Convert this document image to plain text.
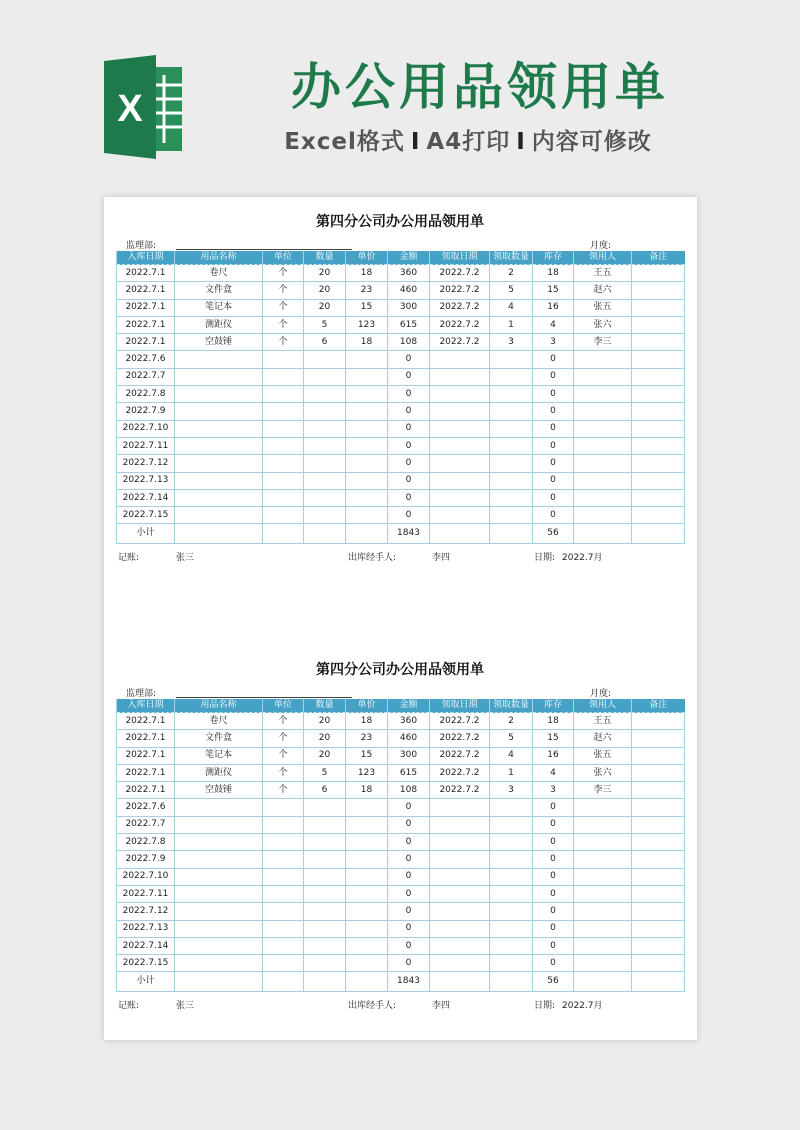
X	办公用品领用单
Excel格式 I A4打印 I 内容可修改
第四分公司办公用品领用单
监理部:	月度:
入库日期	用品名称	单位	数量	单价	金额	领取日期	领取数量	库存	领用人	备注
2022.7.1	卷尺	个	20	18	360	2022.7.2	2	18	王五	
2022.7.1	文件盒	个	20	23	460	2022.7.2	5	15	赵六	
2022.7.1	笔记本	个	20	15	300	2022.7.2	4	16	张五	
2022.7.1	测距仪	个	5	123	615	2022.7.2	1	4	张六	
2022.7.1	空鼓锤	个	6	18	108	2022.7.2	3	3	李三	
2022.7.6					0			0		
2022.7.7					0			0		
2022.7.8					0			0		
2022.7.9					0			0		
2022.7.10					0			0		
2022.7.11					0			0		
2022.7.12					0			0		
2022.7.13					0			0		
2022.7.14					0			0		
2022.7.15					0			0		
小计					1843			56		
记账:	张三	出库经手人:	李四	日期: 2022.7月
第四分公司办公用品领用单
监理部:	月度:
入库日期	用品名称	单位	数量	单价	金额	领取日期	领取数量	库存	领用人	备注
2022.7.1	卷尺	个	20	18	360	2022.7.2	2	18	王五	
2022.7.1	文件盒	个	20	23	460	2022.7.2	5	15	赵六	
2022.7.1	笔记本	个	20	15	300	2022.7.2	4	16	张五	
2022.7.1	测距仪	个	5	123	615	2022.7.2	1	4	张六	
2022.7.1	空鼓锤	个	6	18	108	2022.7.2	3	3	李三	
2022.7.6					0			0		
2022.7.7					0			0		
2022.7.8					0			0		
2022.7.9					0			0		
2022.7.10					0			0		
2022.7.11					0			0		
2022.7.12					0			0		
2022.7.13					0			0		
2022.7.14					0			0		
2022.7.15					0			0		
小计					1843			56		
记账:	张三	出库经手人:	李四	日期: 2022.7月
